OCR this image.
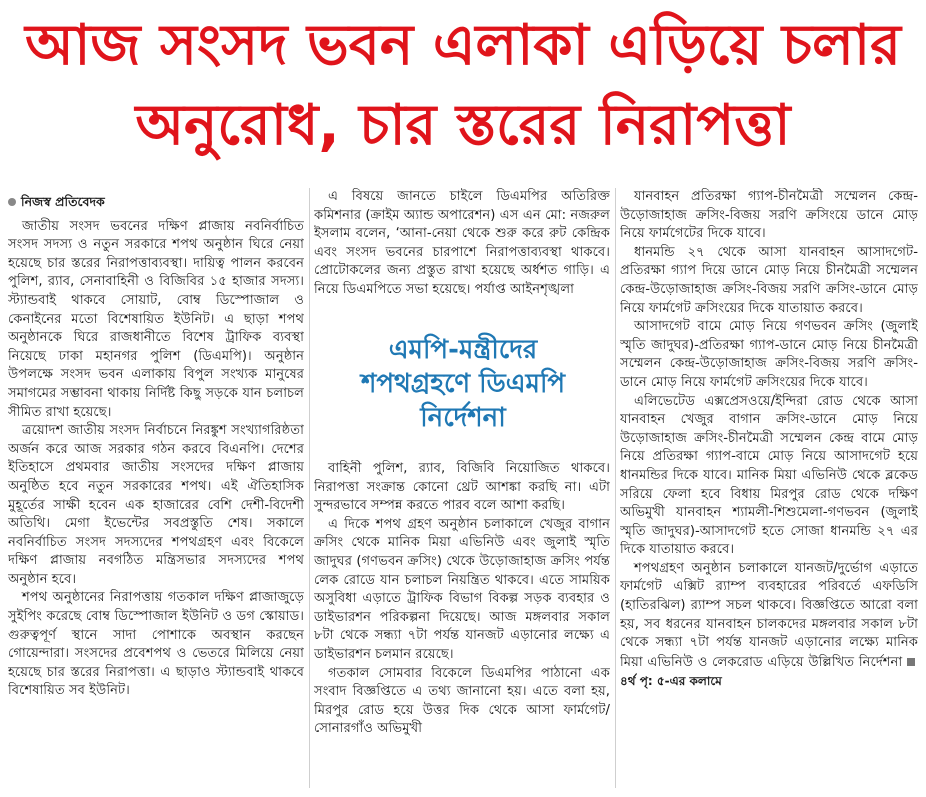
আজ সংসদ ভবন এলাকা এড়িয়ে চলার
অনুরোধ, চার স্তরের নিরাপত্তা
নিজস্ব প্রতিবেদক

জাতীয় সংসদ ভবনের দক্ষিণ প্লাজায় নবনির্বাচিত সংসদ সদস্য ও নতুন সরকারে শপথ অনুষ্ঠান ঘিরে নেয়া হয়েছে চার স্তরের নিরাপত্তাব্যবস্থা। দায়িত্ব পালন করবেন পুলিশ, র‍্যাব, সেনাবাহিনী ও বিজিবির ১৫ হাজার সদস্য। স্ট্যান্ডবাই থাকবে সোয়াট, বোম্ব ডিস্পোজাল ও কেনাইনের মতো বিশেষায়িত ইউনিট। এ ছাড়া শপথ অনুষ্ঠানকে ঘিরে রাজধানীতে বিশেষ ট্রাফিক ব্যবস্থা নিয়েছে ঢাকা মহানগর পুলিশ (ডিএমপি)। অনুষ্ঠান উপলক্ষে সংসদ ভবন এলাকায় বিপুল সংখ্যক মানুষের সমাগমের সম্ভাবনা থাকায় নির্দিষ্ট কিছু সড়কে যান চলাচল সীমিত রাখা হয়েছে।

ত্রয়োদশ জাতীয় সংসদ নির্বাচনে নিরঙ্কুশ সংখ্যাগরিষ্ঠতা অর্জন করে আজ সরকার গঠন করবে বিএনপি। দেশের ইতিহাসে প্রথমবার জাতীয় সংসদের দক্ষিণ প্লাজায় অনুষ্ঠিত হবে নতুন সরকারের শপথ। এই ঐতিহাসিক মুহূর্তের সাক্ষী হবেন এক হাজারের বেশি দেশী-বিদেশী অতিথি। মেগা ইভেন্টের সবপ্রস্তুতি শেষ। সকালে নবনির্বাচিত সংসদ সদস্যদের শপথগ্রহণ এবং বিকেলে দক্ষিণ প্লাজায় নবগঠিত মন্ত্রিসভার সদস্যদের শপথ অনুষ্ঠান হবে।

শপথ অনুষ্ঠানের নিরাপত্তায় গতকাল দক্ষিণ প্লাজাজুড়ে সুইপিং করেছে বোম্ব ডিস্পোজাল ইউনিট ও ডগ স্কোয়াড। গুরুত্বপূর্ণ স্থানে সাদা পোশাকে অবস্থান করছেন গোয়েন্দারা। সংসদের প্রবেশপথ ও ভেতরে মিলিয়ে নেয়া হয়েছে চার স্তরের নিরাপত্তা। এ ছাড়াও স্ট্যান্ডবাই থাকবে বিশেষায়িত সব ইউনিট।

এ বিষয়ে জানতে চাইলে ডিএমপির অতিরিক্ত কমিশনার (ক্রাইম অ্যান্ড অপারেশন) এস এন মো: নজরুল ইসলাম বলেন, ‘আনা-নেয়া থেকে শুরু করে রুট কেন্দ্রিক এবং সংসদ ভবনের চারপাশে নিরাপত্তাব্যবস্থা থাকবে। প্রোটোকলের জন্য প্রস্তুত রাখা হয়েছে অর্ধশত গাড়ি। এ নিয়ে ডিএমপিতে সভা হয়েছে। পর্যাপ্ত আইনশৃঙ্খলা

এমপি-মন্ত্রীদের
শপথগ্রহণে ডিএমপি
নির্দেশনা

বাহিনী পুলিশ, র‍্যাব, বিজিবি নিয়োজিত থাকবে। নিরাপত্তা সংক্রান্ত কোনো থ্রেট আশঙ্কা করছি না। এটা সুন্দরভাবে সম্পন্ন করতে পারব বলে আশা করছি।

এ দিকে শপথ গ্রহণ অনুষ্ঠান চলাকালে খেজুর বাগান ক্রসিং থেকে মানিক মিয়া এভিনিউ এবং জুলাই স্মৃতি জাদুঘর (গণভবন ক্রসিং) থেকে উড়োজাহাজ ক্রসিং পর্যন্ত লেক রোডে যান চলাচল নিয়ন্ত্রিত থাকবে। এতে সাময়িক অসুবিধা এড়াতে ট্রাফিক বিভাগ বিকল্প সড়ক ব্যবহার ও ডাইভারশন পরিকল্পনা দিয়েছে। আজ মঙ্গলবার সকাল ৮টা থেকে সন্ধ্যা ৭টা পর্যন্ত যানজট এড়ানোর লক্ষ্যে এ ডাইভারশন চলমান রয়েছে।

গতকাল সোমবার বিকেলে ডিএমপির পাঠানো এক সংবাদ বিজ্ঞপ্তিতে এ তথ্য জানানো হয়। এতে বলা হয়, মিরপুর রোড হয়ে উত্তর দিক থেকে আসা ফার্মগেট/সোনারগাঁও অভিমুখী

যানবাহন প্রতিরক্ষা গ্যাপ-চীনমৈত্রী সম্মেলন কেন্দ্র-উড়োজাহাজ ক্রসিং-বিজয় সরণি ক্রসিংয়ে ডানে মোড় নিয়ে ফার্মগেটের দিকে যাবে।

ধানমন্ডি ২৭ থেকে আসা যানবাহন আসাদগেট-প্রতিরক্ষা গ্যাপ দিয়ে ডানে মোড় নিয়ে চীনমৈত্রী সম্মেলন কেন্দ্র-উড়োজাহাজ ক্রসিং-বিজয় সরণি ক্রসিং-ডানে মোড় নিয়ে ফার্মগেট ক্রসিংয়ের দিকে যাতায়াত করবে।

আসাদগেট বামে মোড় নিয়ে গণভবন ক্রসিং (জুলাই স্মৃতি জাদুঘর)-প্রতিরক্ষা গ্যাপ-ডানে মোড় নিয়ে চীনমৈত্রী সম্মেলন কেন্দ্র-উড়োজাহাজ ক্রসিং-বিজয় সরণি ক্রসিং-ডানে মোড় নিয়ে ফার্মগেট ক্রসিংয়ের দিকে যাবে।

এলিভেটেড এক্সপ্রেসওয়ে/ইন্দিরা রোড থেকে আসা যানবাহন খেজুর বাগান ক্রসিং-ডানে মোড় নিয়ে উড়োজাহাজ ক্রসিং-চীনমৈত্রী সম্মেলন কেন্দ্র বামে মোড় নিয়ে প্রতিরক্ষা গ্যাপ-বামে মোড় নিয়ে আসাদগেট হয়ে ধানমন্ডির দিকে যাবে। মানিক মিয়া এভিনিউ থেকে ব্লকেড সরিয়ে ফেলা হবে বিধায় মিরপুর রোড থেকে দক্ষিণ অভিমুখী যানবাহন শ্যামলী-শিশুমেলা-গণভবন (জুলাই স্মৃতি জাদুঘর)-আসাদগেট হতে সোজা ধানমন্ডি ২৭ এর দিকে যাতায়াত করবে।

শপথগ্রহণ অনুষ্ঠান চলাকালে যানজট/দুর্ভোগ এড়াতে ফার্মগেট এক্সিট র‍্যাম্প ব্যবহারের পরিবর্তে এফডিসি (হাতিরঝিল) র‍্যাম্প সচল থাকবে। বিজ্ঞপ্তিতে আরো বলা হয়, সব ধরনের যানবাহন চালকদের মঙ্গলবার সকাল ৮টা থেকে সন্ধ্যা ৭টা পর্যন্ত যানজট এড়ানোর লক্ষ্যে মানিক মিয়া এভিনিউ ও লেকরোড এড়িয়ে উল্লিখিত নির্দেশনা ৪র্থ পৃ: ৫-এর কলামে
